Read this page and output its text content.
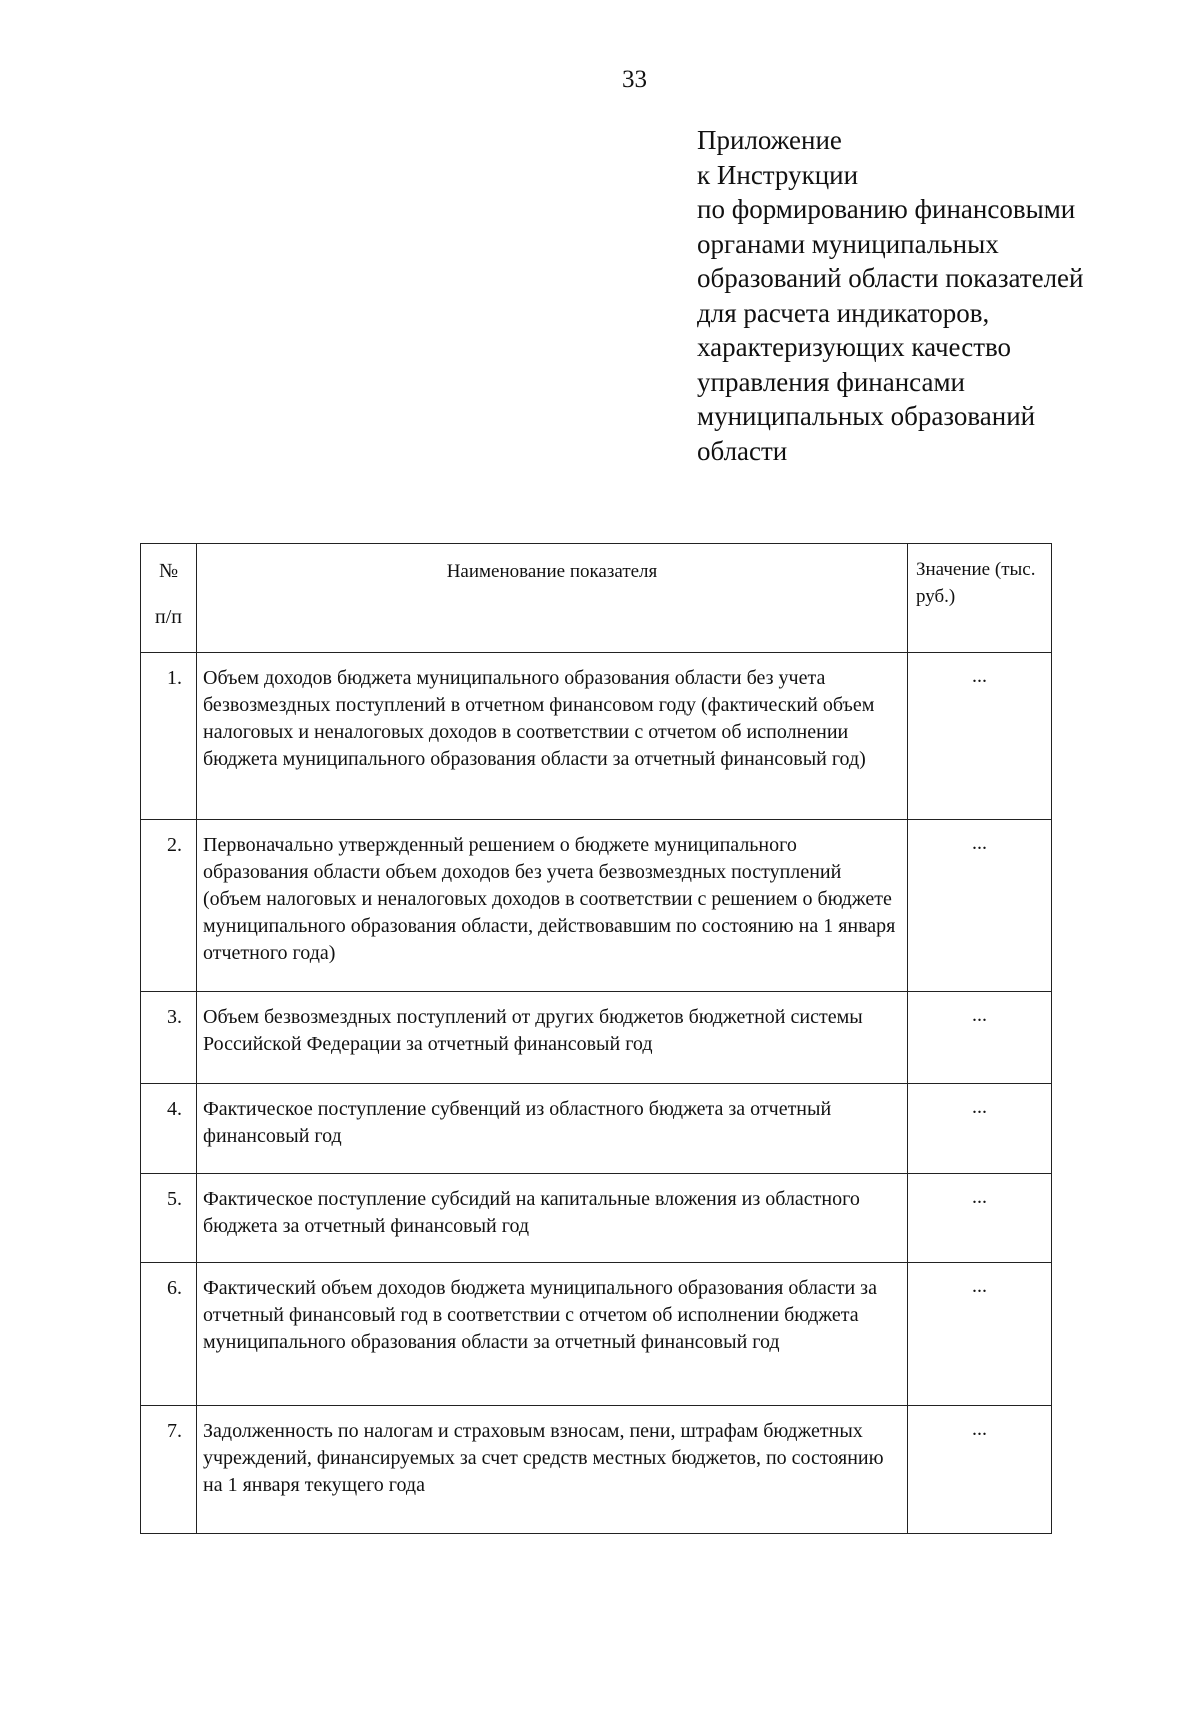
33
Приложение
к Инструкции
по формированию финансовыми
органами муниципальных
образований области показателей
для расчета индикаторов,
характеризующих качество
управления финансами
муниципальных образований
области
№
п/п	Наименование показателя	Значение (тыс. руб.)
1.	Объем доходов бюджета муниципального образования области без учета безвозмездных поступлений в отчетном финансовом году (фактический объем налоговых и неналоговых доходов в соответствии с отчетом об исполнении бюджета муниципального образования области за отчетный финансовый год)	...
2.	Первоначально утвержденный решением о бюджете муниципального образования области объем доходов без учета безвозмездных поступлений (объем налоговых и неналоговых доходов в соответствии с решением о бюджете муниципального образования области, действовавшим по состоянию на 1 января отчетного года)	...
3.	Объем безвозмездных поступлений от других бюджетов бюджетной системы Российской Федерации за отчетный финансовый год	...
4.	Фактическое поступление субвенций из областного бюджета за отчетный финансовый год	...
5.	Фактическое поступление субсидий на капитальные вложения из областного бюджета за отчетный финансовый год	...
6.	Фактический объем доходов бюджета муниципального образования области за отчетный финансовый год в соответствии с отчетом об исполнении бюджета муниципального образования области за отчетный финансовый год	...
7.	Задолженность по налогам и страховым взносам, пени, штрафам бюджетных учреждений, финансируемых за счет средств местных бюджетов, по состоянию на 1 января текущего года	...
